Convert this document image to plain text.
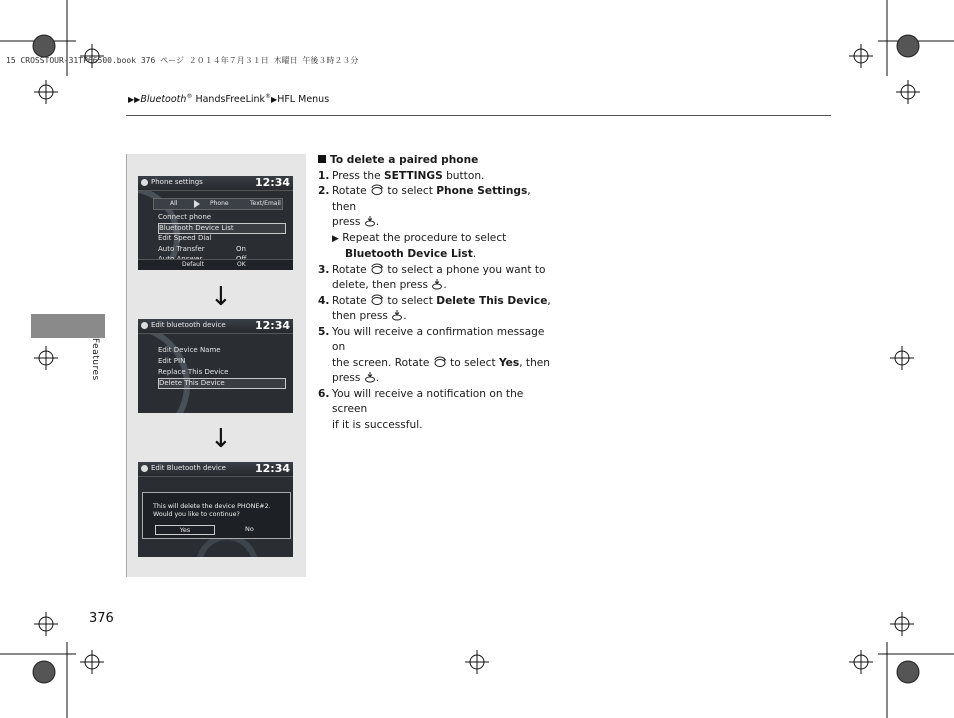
15 CROSSTOUR-31TP66500.book 376 ページ ２０１４年７月３１日 木曜日 午後３時２３分
▶▶Bluetooth® HandsFreeLink®▶HFL Menus
Features
376
Phone settings	12:34
All	Phone	Text/Email
Connect phone
Bluetooth Device List
Edit Speed Dial
Auto Transfer	On
Default	OK
↓
Edit bluetooth device	12:34
Edit Device Name
Edit PIN
Replace This Device
Delete This Device
↓
Edit Bluetooth device	12:34
This will delete the device PHONE#2.
Would you like to continue?
Yes	No
To delete a paired phone
1. Press the SETTINGS button.
2. Rotate  to select Phone Settings, then
press .
▶ Repeat the procedure to select
Bluetooth Device List.
3. Rotate  to select a phone you want to
delete, then press .
4. Rotate  to select Delete This Device,
then press .
5. You will receive a confirmation message on
the screen. Rotate  to select Yes, then
press .
6. You will receive a notification on the screen
if it is successful.
